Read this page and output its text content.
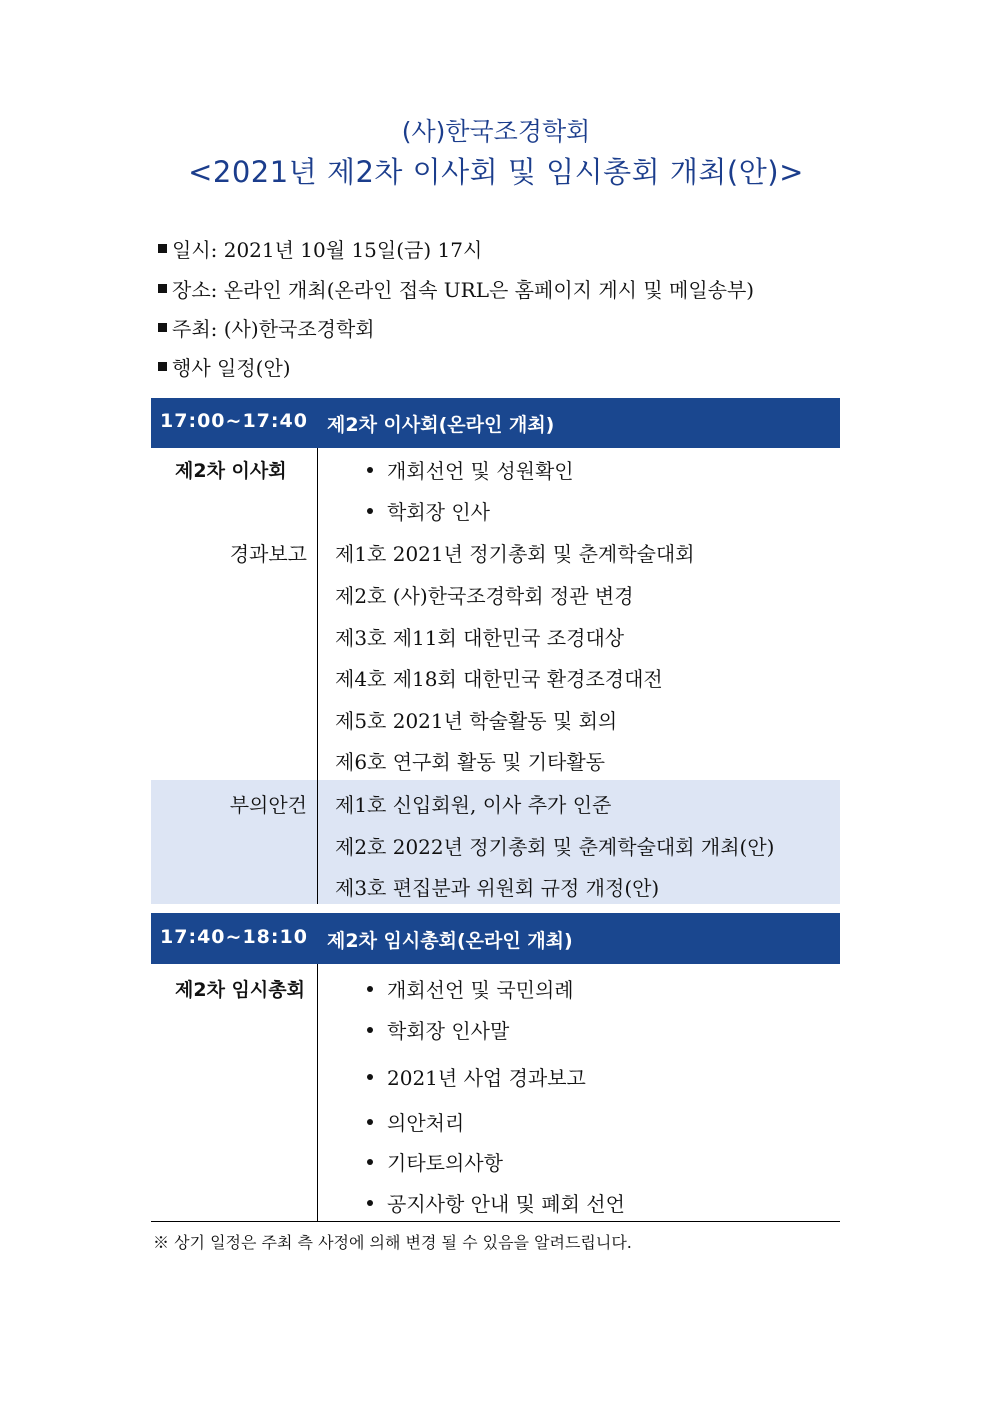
(사)한국조경학회
<2021년 제2차 이사회 및 임시총회 개최(안)>
일시: 2021년 10월 15일(금) 17시
장소: 온라인 개최(온라인 접속 URL은 홈페이지 게시 및 메일송부)
주최: (사)한국조경학회
행사 일정(안)
17:00~17:40	제2차 이사회(온라인 개최)
제2차 이사회	개회선언 및 성원확인
학회장 인사
경과보고 제1호 2021년 정기총회 및 춘계학술대회
제2호 (사)한국조경학회 정관 변경
제3호 제11회 대한민국 조경대상
제4호 제18회 대한민국 환경조경대전
제5호 2021년 학술활동 및 회의
제6호 연구회 활동 및 기타활동
부의안건 제1호 신입회원, 이사 추가 인준
제2호 2022년 정기총회 및 춘계학술대회 개최(안)
제3호 편집분과 위원회 규정 개정(안)
17:40~18:10	제2차 임시총회(온라인 개최)
제2차 임시총회	개회선언 및 국민의례
학회장 인사말
2021년 사업 경과보고
의안처리
기타토의사항
공지사항 안내 및 폐회 선언
※ 상기 일정은 주최 측 사정에 의해 변경 될 수 있음을 알려드립니다.
